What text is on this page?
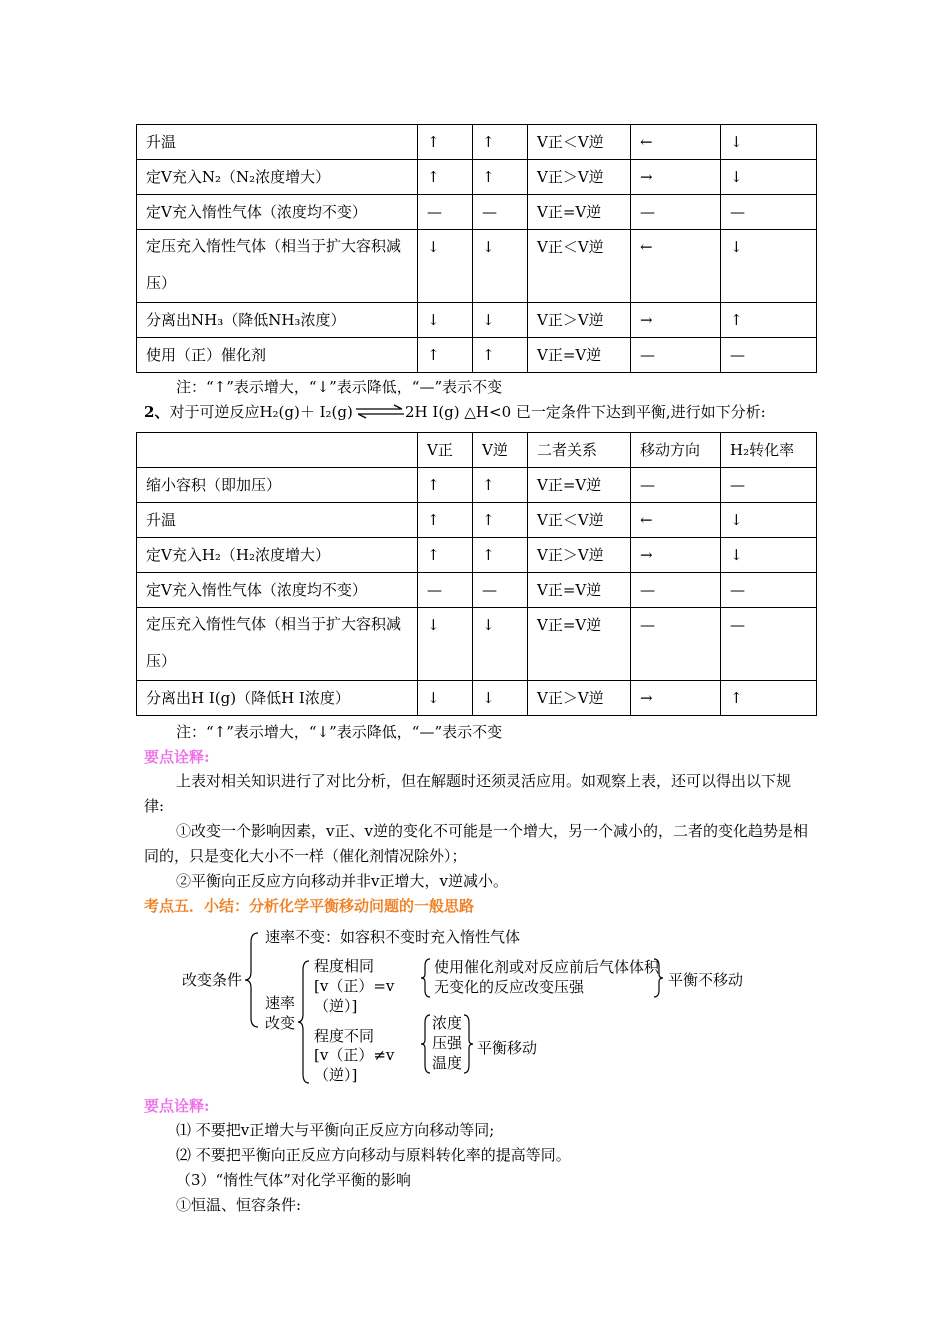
升温	↑	↑	V正＜V逆	←	↓
定V充入N₂（N₂浓度增大）	↑	↑	V正＞V逆	→	↓
定V充入惰性气体（浓度均不变）	—	—	V正=V逆	—	—

定压充入惰性气体（相当于扩大容积减压）	↓	↓	V正＜V逆	←	↓
分离出NH₃（降低NH₃浓度）	↓	↓	V正＞V逆	→	↑
使用（正）催化剂	↑	↑	V正=V逆	—	—
注：“↑”表示增大，“↓”表示降低，“—”表示不变
2、对于可逆反应H₂(g)＋ I₂(g) ⇌ 2H I(g) △H<0 已一定条件下达到平衡,进行如下分析:
	V正	V逆	二者关系	移动方向	H₂转化率
缩小容积（即加压）	↑	↑	V正=V逆	—	—
升温	↑	↑	V正＜V逆	←	↓
定V充入H₂（H₂浓度增大）	↑	↑	V正＞V逆	→	↓
定V充入惰性气体（浓度均不变）	—	—	V正=V逆	—	—

定压充入惰性气体（相当于扩大容积减压）	↓	↓	V正=V逆	—	—
分离出H I(g)（降低H I浓度）	↓	↓	V正＞V逆	→	↑
注：“↑”表示增大，“↓”表示降低，“—”表示不变
要点诠释:
上表对相关知识进行了对比分析，但在解题时还须灵活应用。如观察上表，还可以得出以下规律:
①改变一个影响因素，v正、v逆的变化不可能是一个增大，另一个减小的，二者的变化趋势是相同的，只是变化大小不一样（催化剂情况除外）；
②平衡向正反应方向移动并非v正增大，v逆减小。
考点五．小结：分析化学平衡移动问题的一般思路
改变条件
速率不变：如容积不变时充入惰性气体
速率改变
程度相同
[v（正）=v（逆）]
使用催化剂或对反应前后气体体积无变化的反应改变压强	平衡不移动
程度不同
[v（正）≠v（逆）]
浓度
压强
温度
平衡移动
要点诠释:
⑴ 不要把v正增大与平衡向正反应方向移动等同;
⑵ 不要把平衡向正反应方向移动与原料转化率的提高等同。
（3）“惰性气体”对化学平衡的影响
①恒温、恒容条件:
